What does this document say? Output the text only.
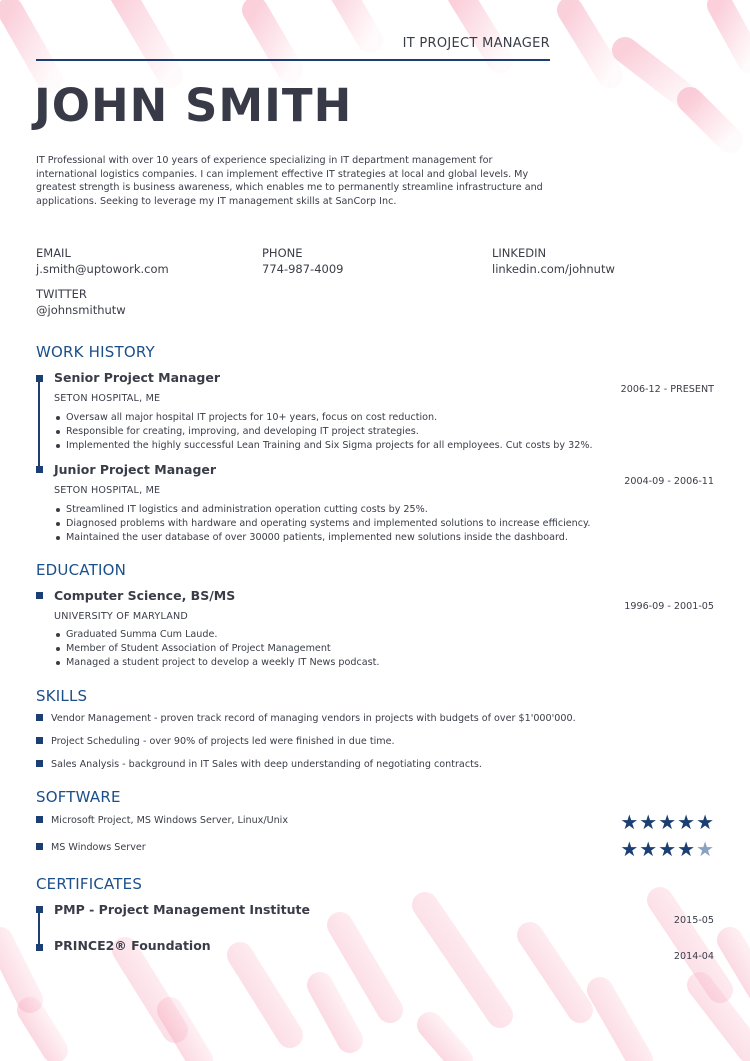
IT PROJECT MANAGER
JOHN SMITH
IT Professional with over 10 years of experience specializing in IT department management for international logistics companies. I can implement effective IT strategies at local and global levels. My greatest strength is business awareness, which enables me to permanently streamline infrastructure and applications. Seeking to leverage my IT management skills at SanCorp Inc.
EMAIL
j.smith@uptowork.com
PHONE
774-987-4009
LINKEDIN
linkedin.com/johnutw
TWITTER
@johnsmithutw
WORK HISTORY
Senior Project Manager
SETON HOSPITAL, ME
2006-12 - PRESENT
Oversaw all major hospital IT projects for 10+ years, focus on cost reduction.
Responsible for creating, improving, and developing IT project strategies.
Implemented the highly successful Lean Training and Six Sigma projects for all employees. Cut costs by 32%.
Junior Project Manager
SETON HOSPITAL, ME
2004-09 - 2006-11
Streamlined IT logistics and administration operation cutting costs by 25%.
Diagnosed problems with hardware and operating systems and implemented solutions to increase efficiency.
Maintained the user database of over 30000 patients, implemented new solutions inside the dashboard.
EDUCATION
Computer Science, BS/MS
UNIVERSITY OF MARYLAND
1996-09 - 2001-05
Graduated Summa Cum Laude.
Member of Student Association of Project Management
Managed a student project to develop a weekly IT News podcast.
SKILLS
Vendor Management - proven track record of managing vendors in projects with budgets of over $1'000'000.
Project Scheduling - over 90% of projects led were finished in due time.
Sales Analysis - background in IT Sales with deep understanding of negotiating contracts.
SOFTWARE
Microsoft Project, MS Windows Server, Linux/Unix	★ ★ ★ ★ ★
MS Windows Server	★ ★ ★ ★ ★
CERTIFICATES
PMP - Project Management Institute
2015-05
PRINCE2® Foundation
2014-04
